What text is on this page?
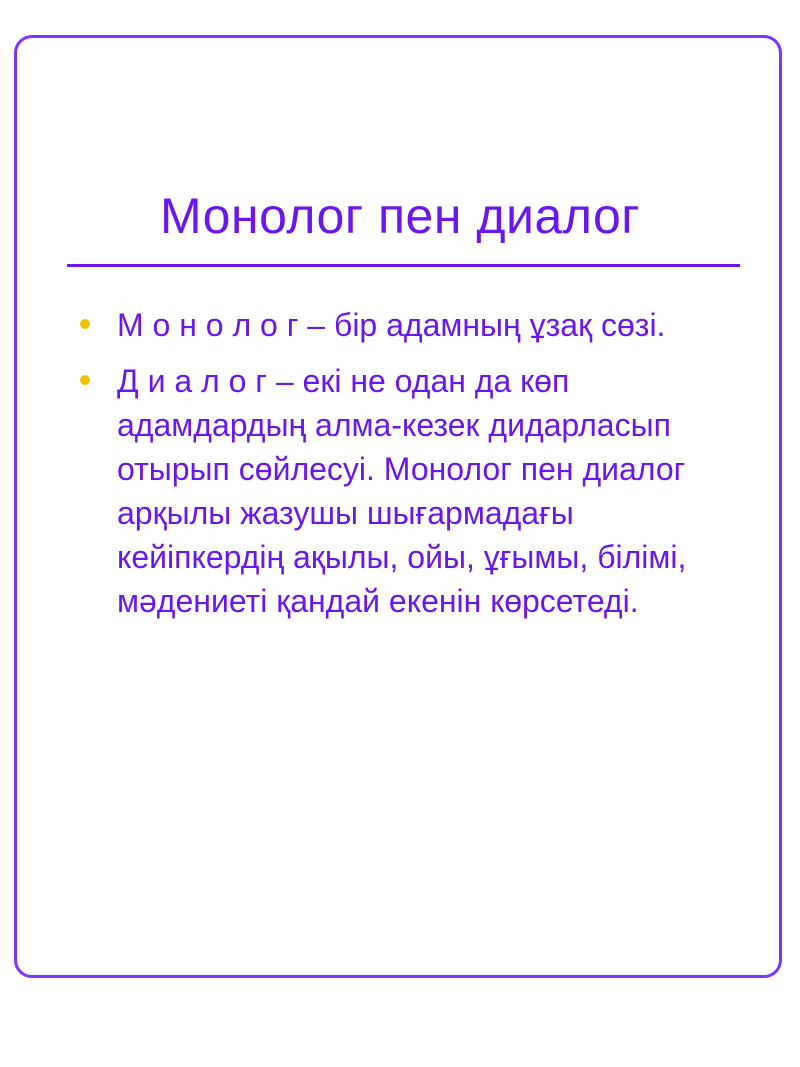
Монолог пен диалог
М о н о л о г – бір адамның ұзақ сөзі.
Д и а л о г – екі не одан да көп адамдардың алма-кезек дидарласып отырып сөйлесуі. Монолог пен диалог арқылы жазушы шығармадағы кейіпкердің ақылы, ойы, ұғымы, білімі, мәдениеті қандай екенін көрсетеді.
